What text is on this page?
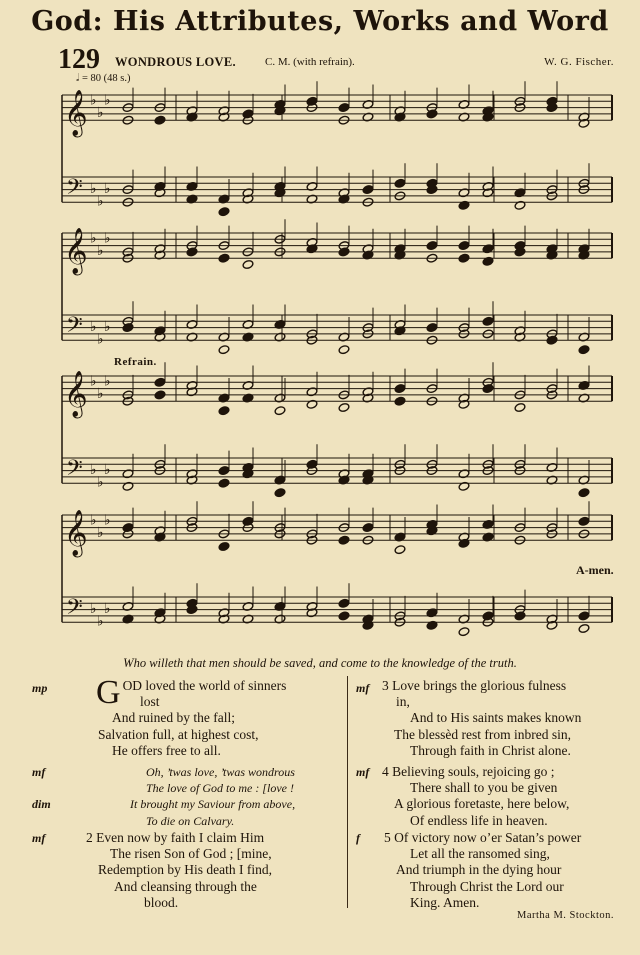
God: His Attributes, Works and Word
129 WONDROUS LOVE.	C. M. (with refrain).	W. G. Fischer.
𝅗𝅥 = 80 (48 s.)
𝄞 ♭
♭
♭
𝄢 ♭
♭
♭
𝄞 ♭
♭
♭
𝄢 ♭
♭
♭
𝄞 ♭
♭
♭
𝄢 ♭
♭
♭
𝄞 ♭
♭
♭
𝄢 ♭
♭
♭
Refrain.
A-men.
Who willeth that men should be saved, and come to the knowledge of the truth.
mp G OD loved the world of sinners
lost
And ruined by the fall;
Salvation full, at highest cost,
He offers free to all.
mf
dim
Oh, ’twas love, ’twas wondrous
The love of God to me : [love !
It brought my Saviour from above,
To die on Calvary.
mf	2 Even now by faith I claim Him
The risen Son of God ; [mine,
Redemption by His death I find,
And cleansing through the
blood.
mf 3 Love brings the glorious fulness
in,
And to His saints makes known
The blessèd rest from inbred sin,
Through faith in Christ alone.
mf 4 Believing souls, rejoicing go ;
There shall to you be given
A glorious foretaste, here below,
Of endless life in heaven.
f	5 Of victory now o’er Satan’s power
Let all the ransomed sing,
And triumph in the dying hour
Through Christ the Lord our
King. Amen.
Martha M. Stockton.
